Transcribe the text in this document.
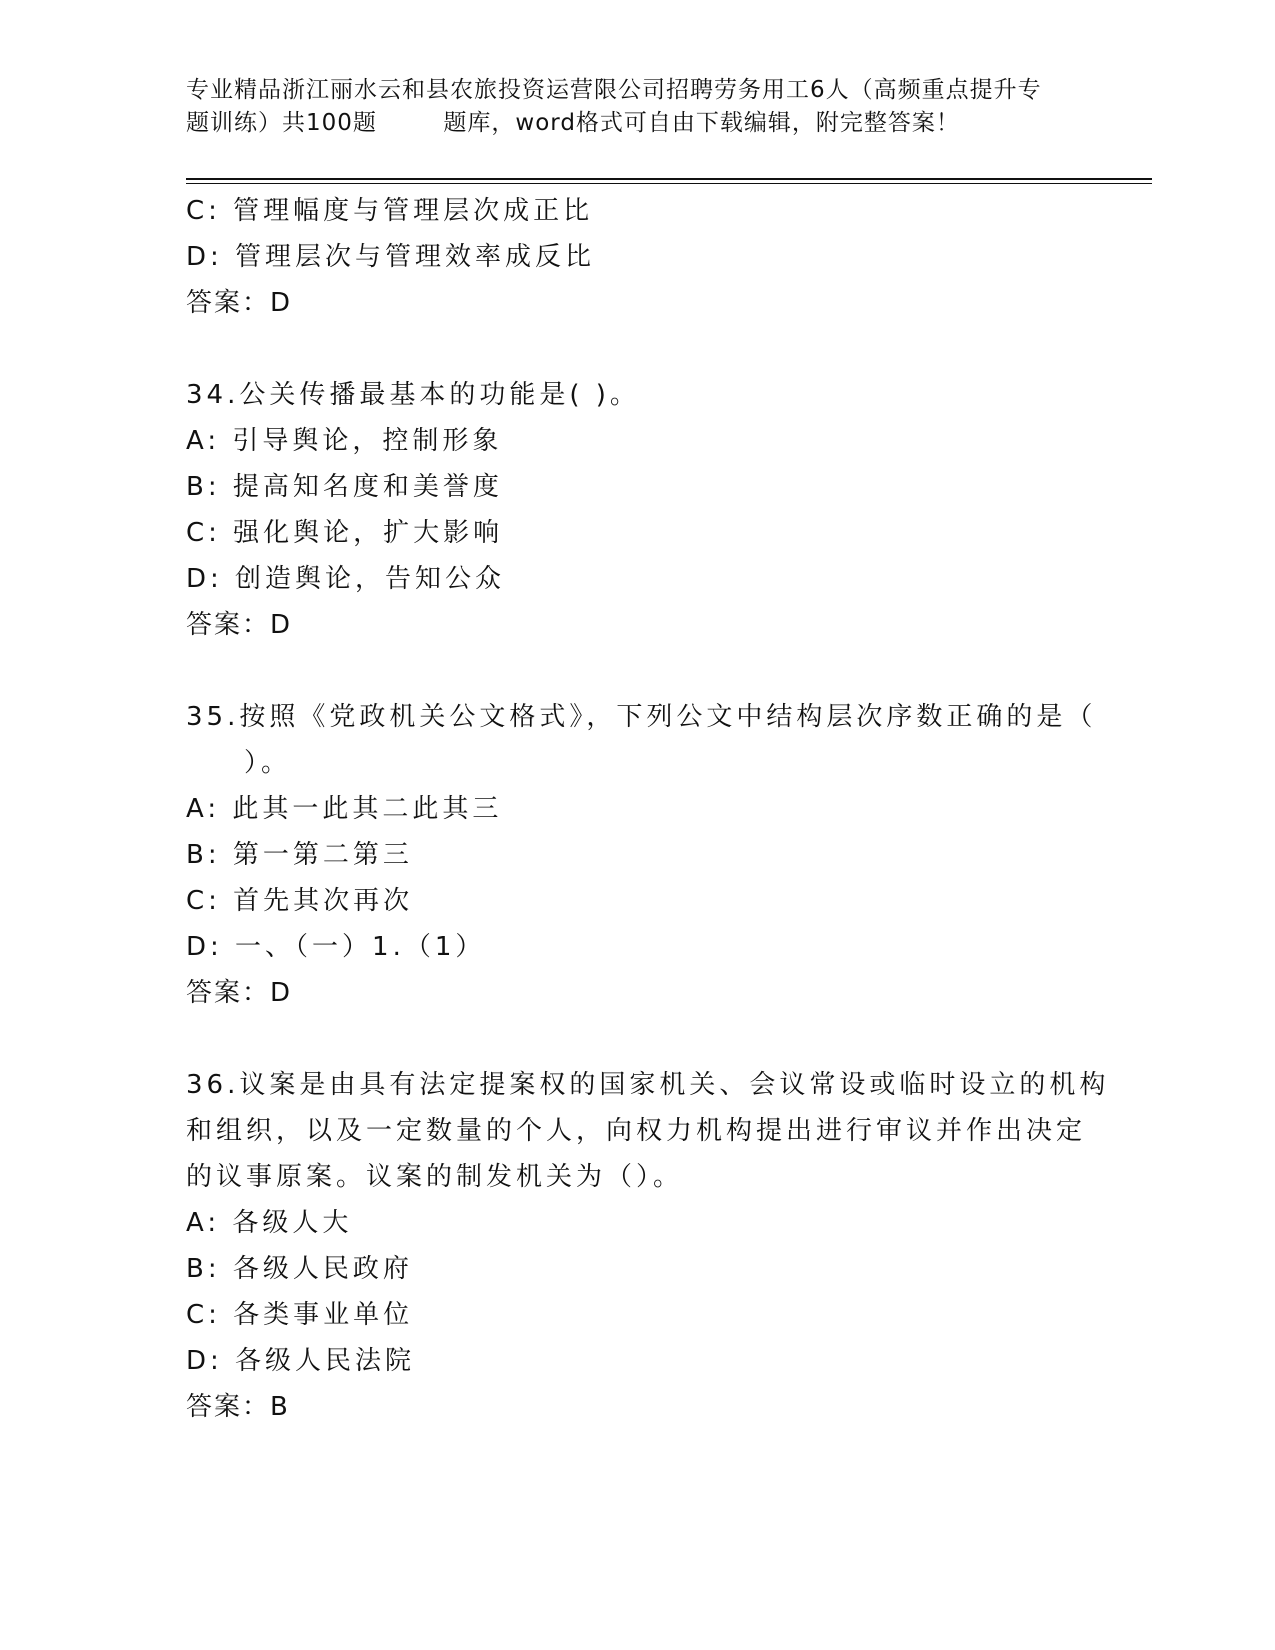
专业精品浙江丽水云和县农旅投资运营限公司招聘劳务用工6人（高频重点提升专
题训练）共100题        题库，word格式可自由下载编辑，附完整答案！
C: 管理幅度与管理层次成正比
D: 管理层次与管理效率成反比
答案：D
34.公关传播最基本的功能是( )。
A: 引导舆论，控制形象
B: 提高知名度和美誉度
C: 强化舆论，扩大影响
D: 创造舆论，告知公众
答案：D
35.按照《党政机关公文格式》，下列公文中结构层次序数正确的是（
）。
A: 此其一此其二此其三
B: 第一第二第三
C: 首先其次再次
D: 一、（一）1.（1）
答案：D
36.议案是由具有法定提案权的国家机关、会议常设或临时设立的机构
和组织，以及一定数量的个人，向权力机构提出进行审议并作出决定
的议事原案。议案的制发机关为（）。
A: 各级人大
B: 各级人民政府
C: 各类事业单位
D: 各级人民法院
答案：B
